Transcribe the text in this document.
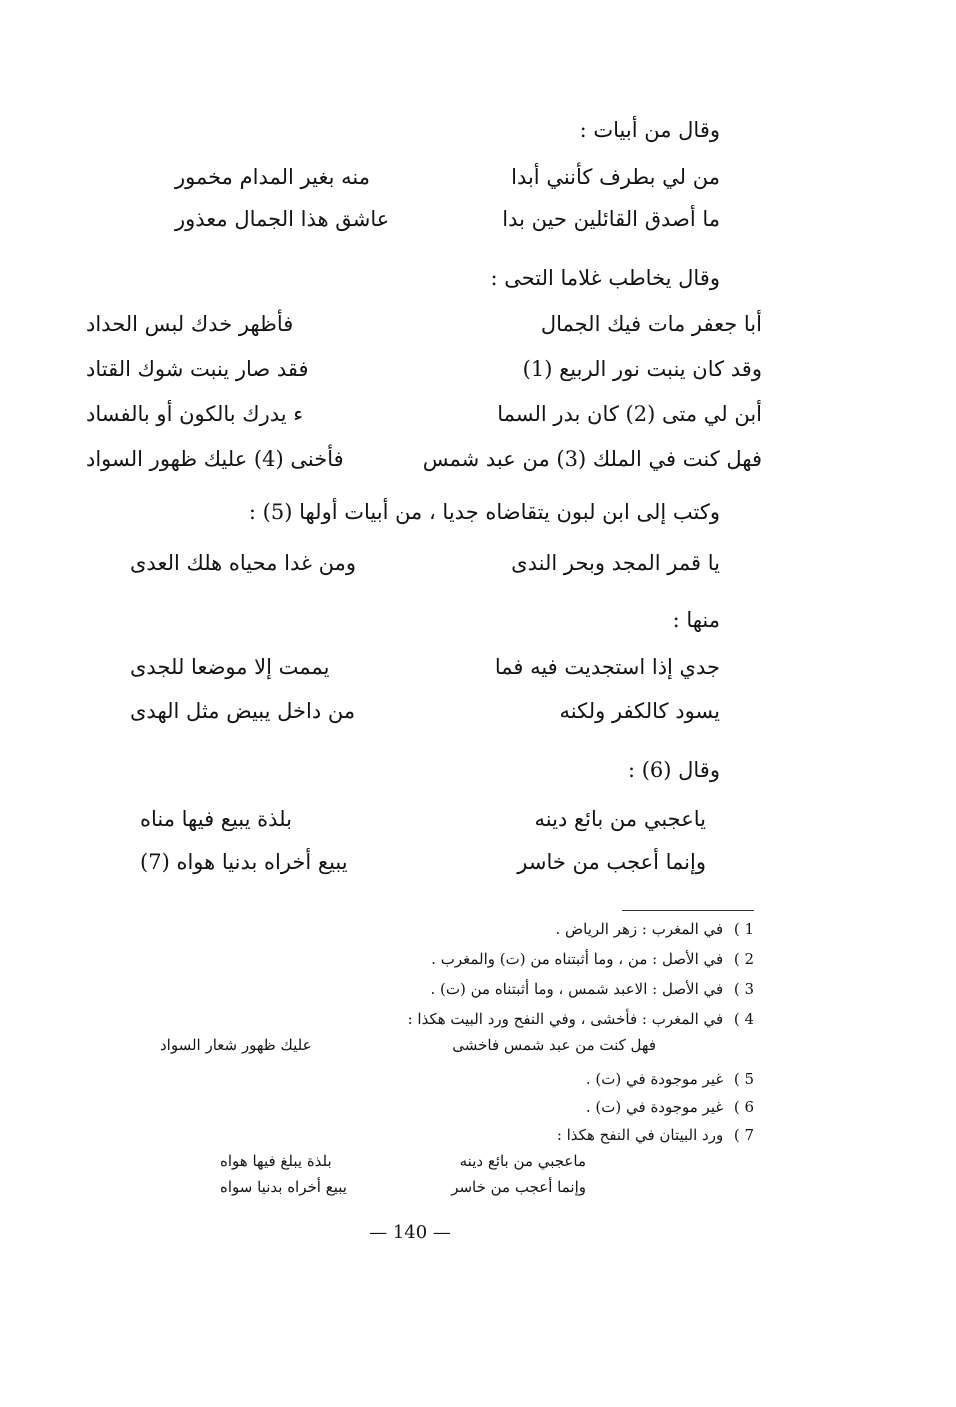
وقال من أبيات :
من لي بطرف كأنني أبدا
منه بغير المدام مخمور
ما أصدق القائلين حين بدا
عاشق هذا الجمال معذور
وقال يخاطب غلاما التحى :
أبا جعفر مات فيك الجمال
فأظهر خدك لبس الحداد
وقد كان ينبت نور الربيع (1)
فقد صار ينبت شوك القتاد
أبن لي متى (2) كان بدر السما
ء يدرك بالكون أو بالفساد
فهل كنت في الملك (3) من عبد شمس
فأخنى (4) عليك ظهور السواد
وكتب إلى ابن لبون يتقاضاه جديا ، من أبيات أولها (5) :
يا قمر المجد وبحر الندى
ومن غدا محياه هلك العدى
منها :
جدي إذا استجديت فيه فما
يممت إلا موضعا للجدى
يسود كالكفر ولكنه
من داخل يبيض مثل الهدى
وقال (6) :
ياعجبي من بائع دينه
بلذة يبيع فيها مناه
وإنما أعجب من خاسر
يبيع أخراه بدنيا هواه (7)
1 ) في المغرب : زهر الرياض .
2 ) في الأصل : من ، وما أثبتناه من (ت) والمغرب .
3 ) في الأصل : الاعبد شمس ، وما أثبتناه من (ت) .
4 ) في المغرب : فأخشى ، وفي النفح ورد البيت هكذا :
فهل كنت من عبد شمس فاخشى
عليك ظهور شعار السواد
5 ) غير موجودة في (ت) .
6 ) غير موجودة في (ت) .
7 ) ورد البيتان في النفح هكذا :
ماعجبي من بائع دينه
بلذة يبلغ فيها هواه
وإنما أعجب من خاسر
يبيع أخراه بدنيا سواه
— 140 —
